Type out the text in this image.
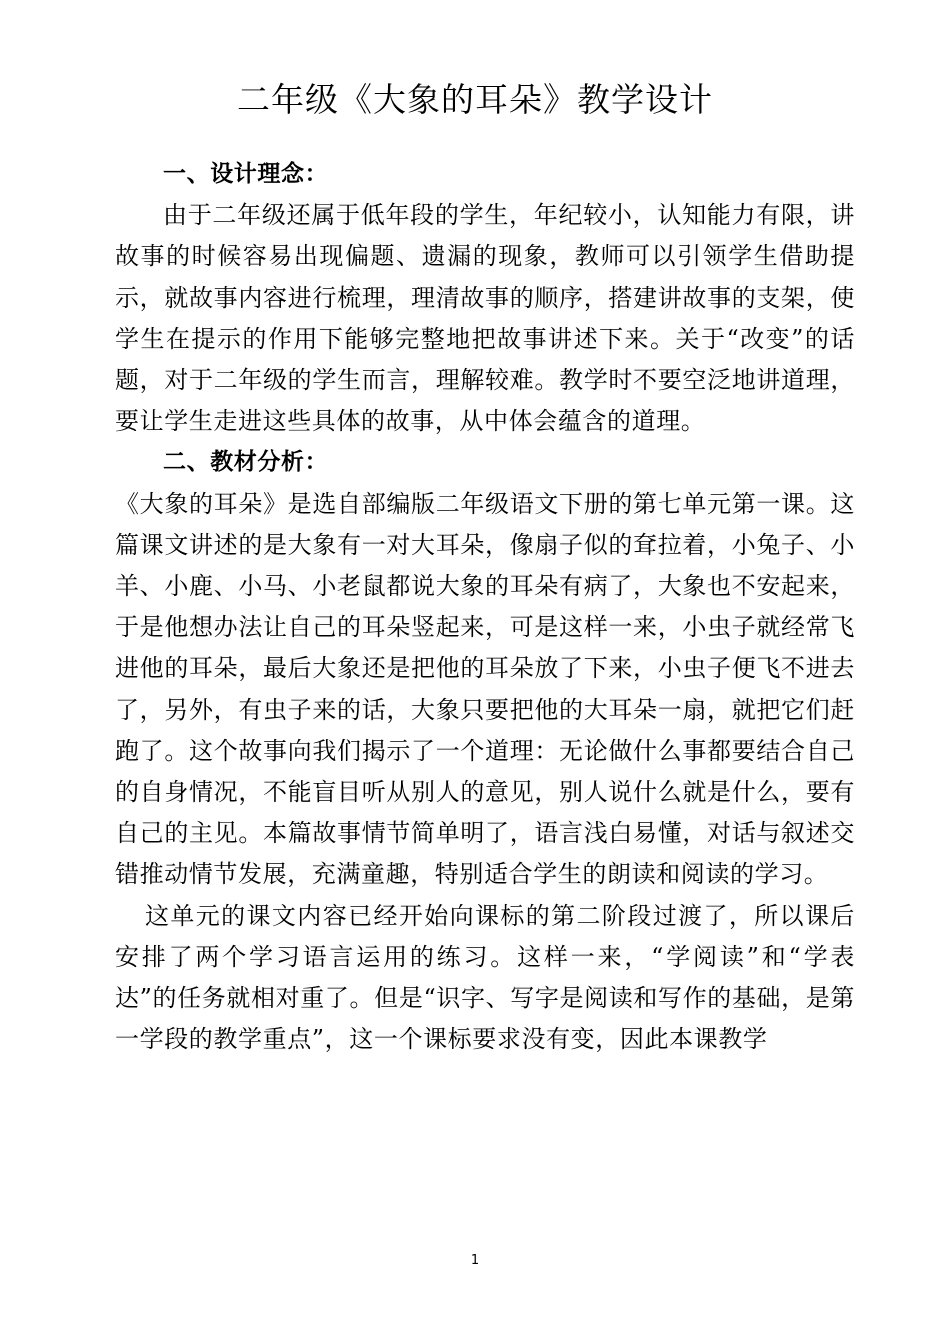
二年级《大象的耳朵》教学设计

一、设计理念：

由于二年级还属于低年段的学生，年纪较小，认知能力有限，讲故事的时候容易出现偏题、遗漏的现象，教师可以引领学生借助提示，就故事内容进行梳理，理清故事的顺序，搭建讲故事的支架，使学生在提示的作用下能够完整地把故事讲述下来。关于“改变”的话题，对于二年级的学生而言，理解较难。教学时不要空泛地讲道理，要让学生走进这些具体的故事，从中体会蕴含的道理。

二、教材分析：

《大象的耳朵》是选自部编版二年级语文下册的第七单元第一课。这篇课文讲述的是大象有一对大耳朵，像扇子似的耷拉着，小兔子、小羊、小鹿、小马、小老鼠都说大象的耳朵有病了，大象也不安起来，于是他想办法让自己的耳朵竖起来，可是这样一来，小虫子就经常飞进他的耳朵，最后大象还是把他的耳朵放了下来，小虫子便飞不进去了，另外，有虫子来的话，大象只要把他的大耳朵一扇，就把它们赶跑了。这个故事向我们揭示了一个道理：无论做什么事都要结合自己的自身情况，不能盲目听从别人的意见，别人说什么就是什么，要有自己的主见。本篇故事情节简单明了，语言浅白易懂，对话与叙述交错推动情节发展，充满童趣，特别适合学生的朗读和阅读的学习。

这单元的课文内容已经开始向课标的第二阶段过渡了，所以课后安排了两个学习语言运用的练习。这样一来，“学阅读”和“学表达”的任务就相对重了。但是“识字、写字是阅读和写作的基础，是第一学段的教学重点”，这一个课标要求没有变，因此本课教学

1
